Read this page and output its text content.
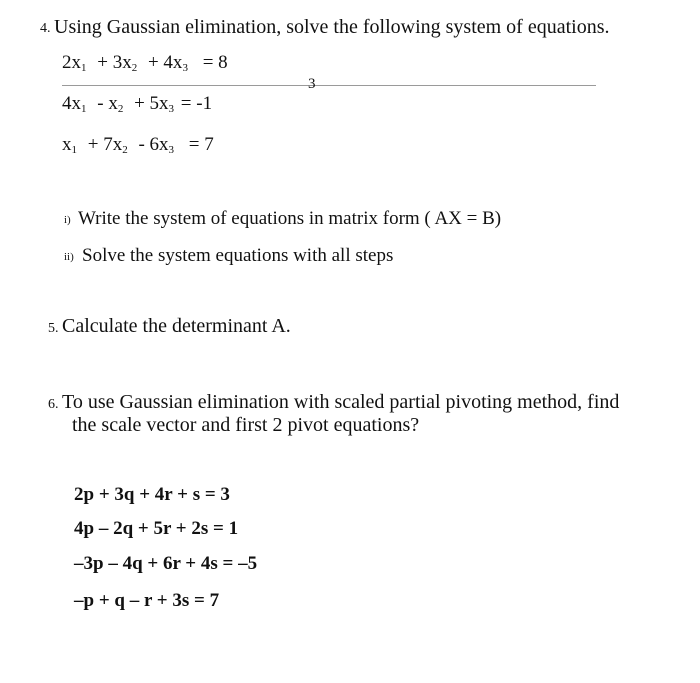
4. Using Gaussian elimination, solve the following system of equations.
$2x_1 + 3x_2 + 4x_3 = 8$
3
$4x_1 - x_2 + 5x_3 = -1$
$x_1 + 7x_2 - 6x_3 = 7$
i) Write the system of equations in matrix form ( AX = B)
ii) Solve the system equations with all steps
5. Calculate the determinant A.
6. To use Gaussian elimination with scaled partial pivoting method, find
the scale vector and first 2 pivot equations?
2p + 3q + 4r + s = 3
4p – 2q + 5r + 2s = 1
–3p – 4q + 6r + 4s = –5
–p + q – r + 3s = 7
